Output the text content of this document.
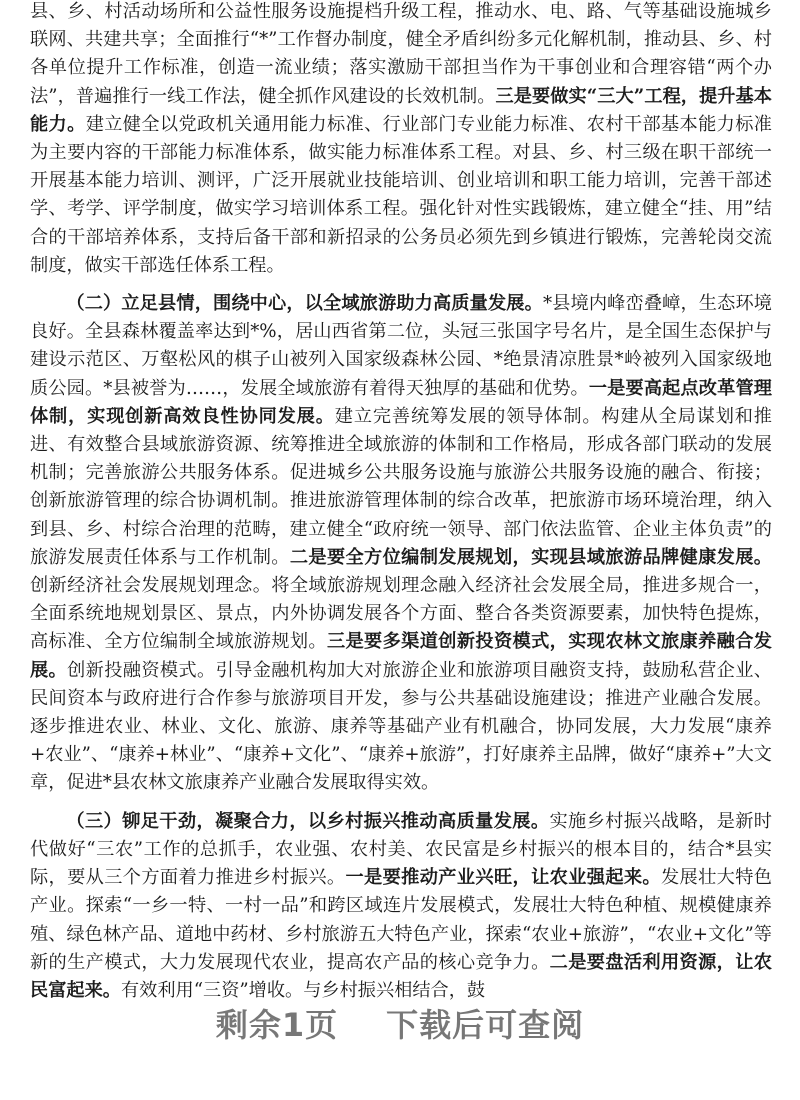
县、乡、村活动场所和公益性服务设施提档升级工程，推动水、电、路、气等基础设施城乡联网、共建共享；全面推行“*”工作督办制度，健全矛盾纠纷多元化解机制，推动县、乡、村各单位提升工作标准，创造一流业绩；落实激励干部担当作为干事创业和合理容错“两个办法”，普遍推行一线工作法，健全抓作风建设的长效机制。三是要做实“三大”工程，提升基本能力。建立健全以党政机关通用能力标准、行业部门专业能力标准、农村干部基本能力标准为主要内容的干部能力标准体系，做实能力标准体系工程。对县、乡、村三级在职干部统一开展基本能力培训、测评，广泛开展就业技能培训、创业培训和职工能力培训，完善干部述学、考学、评学制度，做实学习培训体系工程。强化针对性实践锻炼，建立健全“挂、用”结合的干部培养体系，支持后备干部和新招录的公务员必须先到乡镇进行锻炼，完善轮岗交流制度，做实干部选任体系工程。

（二）立足县情，围绕中心，以全域旅游助力高质量发展。*县境内峰峦叠嶂，生态环境良好。全县森林覆盖率达到*%，居山西省第二位，头冠三张国字号名片，是全国生态保护与建设示范区、万壑松风的棋子山被列入国家级森林公园、*绝景清凉胜景*岭被列入国家级地质公园。*县被誉为……，发展全域旅游有着得天独厚的基础和优势。一是要高起点改革管理体制，实现创新高效良性协同发展。建立完善统筹发展的领导体制。构建从全局谋划和推进、有效整合县域旅游资源、统筹推进全域旅游的体制和工作格局，形成各部门联动的发展机制；完善旅游公共服务体系。促进城乡公共服务设施与旅游公共服务设施的融合、衔接；创新旅游管理的综合协调机制。推进旅游管理体制的综合改革，把旅游市场环境治理，纳入到县、乡、村综合治理的范畴，建立健全“政府统一领导、部门依法监管、企业主体负责”的旅游发展责任体系与工作机制。二是要全方位编制发展规划，实现县域旅游品牌健康发展。创新经济社会发展规划理念。将全域旅游规划理念融入经济社会发展全局，推进多规合一，全面系统地规划景区、景点，内外协调发展各个方面、整合各类资源要素，加快特色提炼，高标准、全方位编制全域旅游规划。三是要多渠道创新投资模式，实现农林文旅康养融合发展。创新投融资模式。引导金融机构加大对旅游企业和旅游项目融资支持，鼓励私营企业、民间资本与政府进行合作参与旅游项目开发，参与公共基础设施建设；推进产业融合发展。逐步推进农业、林业、文化、旅游、康养等基础产业有机融合，协同发展，大力发展“康养+农业”、“康养+林业”、“康养+文化”、“康养+旅游”，打好康养主品牌，做好“康养+”大文章，促进*县农林文旅康养产业融合发展取得实效。

（三）铆足干劲，凝聚合力，以乡村振兴推动高质量发展。实施乡村振兴战略，是新时代做好“三农”工作的总抓手，农业强、农村美、农民富是乡村振兴的根本目的，结合*县实际，要从三个方面着力推进乡村振兴。一是要推动产业兴旺，让农业强起来。发展壮大特色产业。探索“一乡一特、一村一品”和跨区域连片发展模式，发展壮大特色种植、规模健康养殖、绿色林产品、道地中药材、乡村旅游五大特色产业，探索“农业+旅游”，“农业+文化”等新的生产模式，大力发展现代农业，提高农产品的核心竞争力。二是要盘活利用资源，让农民富起来。有效利用“三资”增收。与乡村振兴相结合，鼓

剩余1页 下载后可查阅
